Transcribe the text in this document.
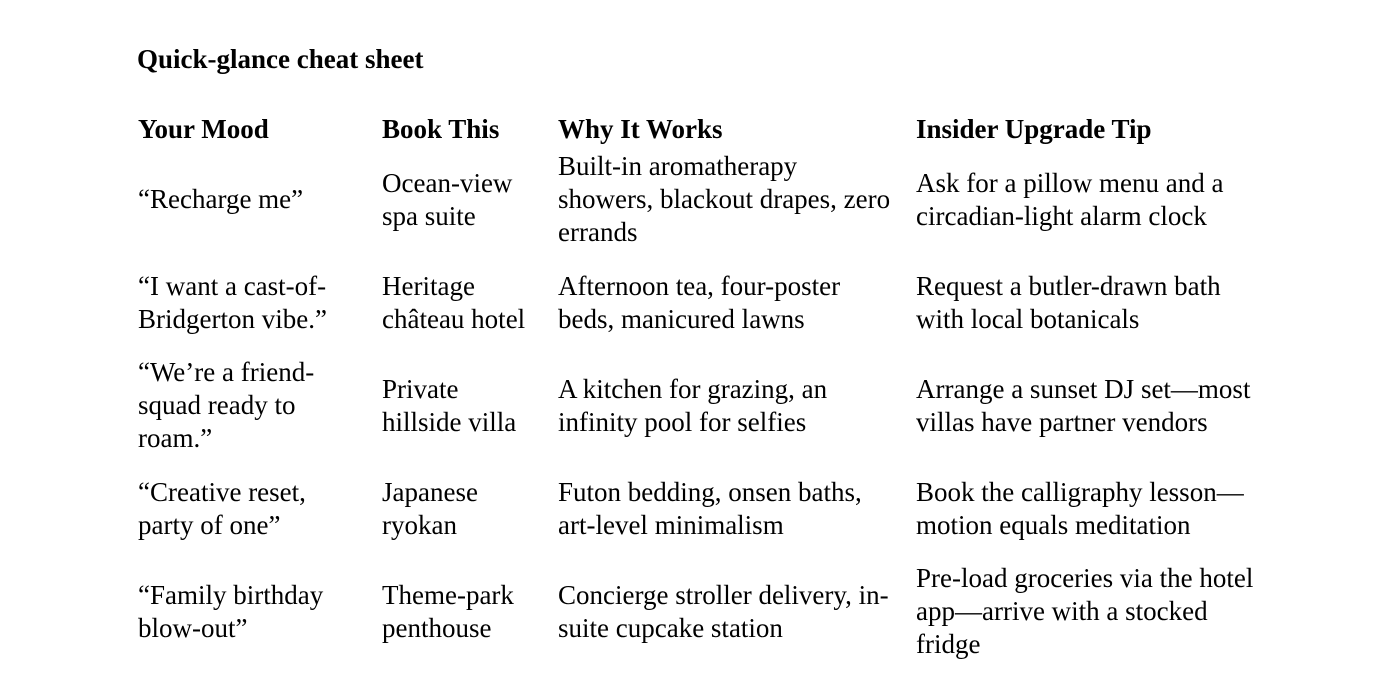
Quick-glance cheat sheet
Your Mood	Book This	Why It Works	Insider Upgrade Tip

“Recharge me”	Ocean-view spa suite	Built-in aromatherapy showers, blackout drapes, zero errands	Ask for a pillow menu and a circadian-light alarm clock

“I want a cast-of-Bridgerton vibe.”	Heritage château hotel	Afternoon tea, four-poster beds, manicured lawns	Request a butler-drawn bath with local botanicals

“We’re a friend-squad ready to roam.”	Private hillside villa	A kitchen for grazing, an infinity pool for selfies	Arrange a sunset DJ set—most villas have partner vendors

“Creative reset, party of one”	Japanese ryokan	Futon bedding, onsen baths, art-level minimalism	Book the calligraphy lesson—motion equals meditation

“Family birthday blow-out”	Theme-park penthouse	Concierge stroller delivery, in-suite cupcake station	Pre-load groceries via the hotel app—arrive with a stocked fridge
